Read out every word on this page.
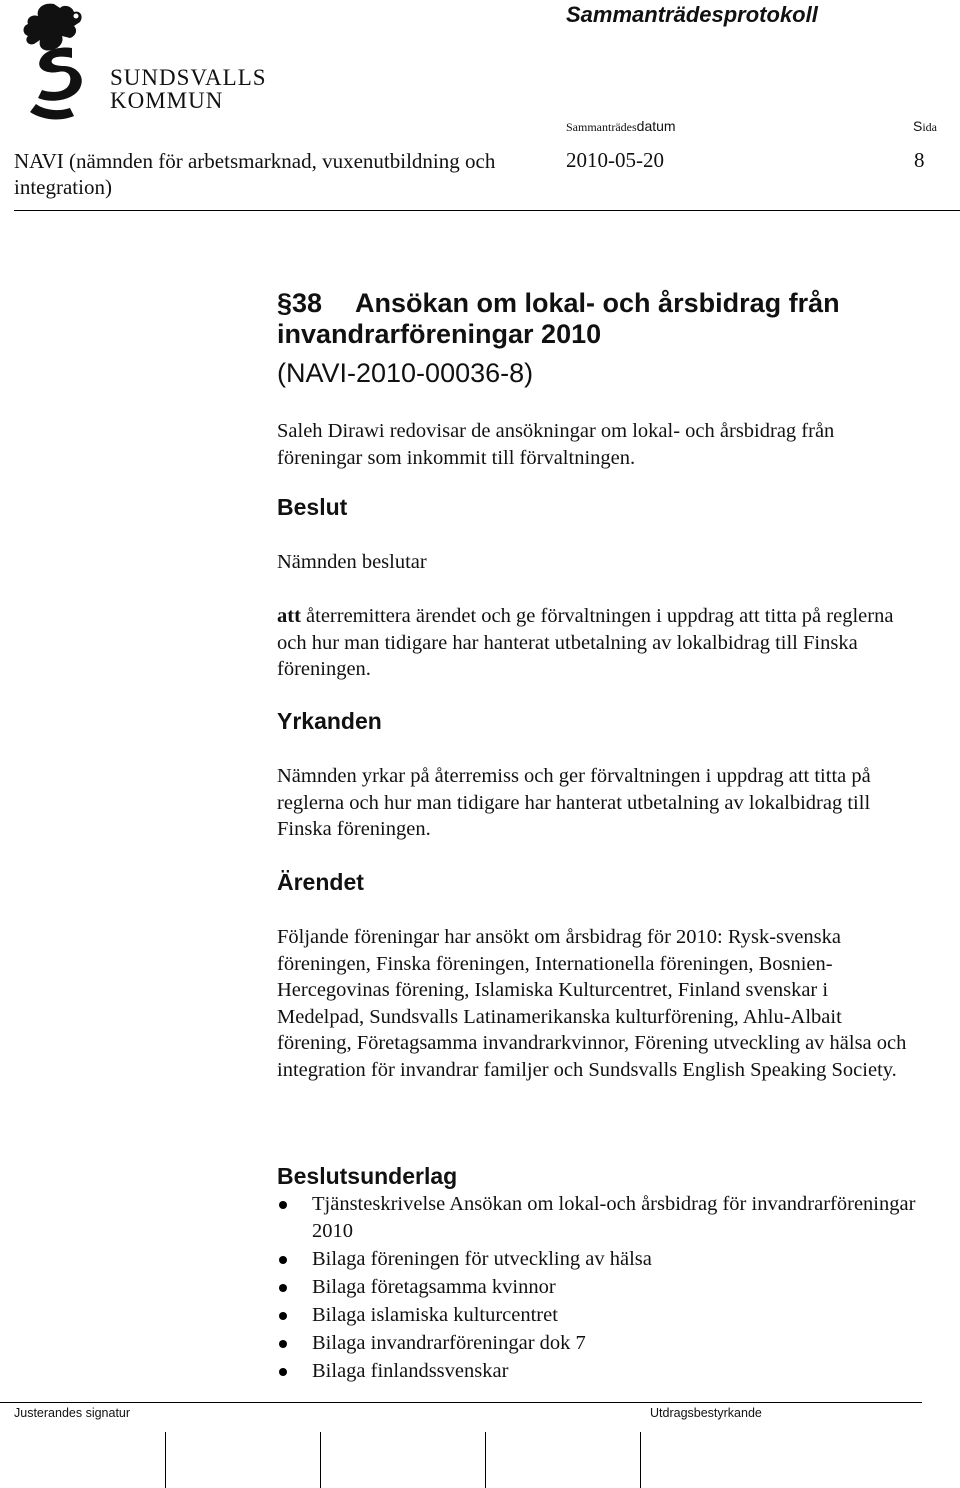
SUNDSVALLS
KOMMUN
Sammanträdesprotokoll
Sammanträdesdatum	Sida
NAVI (nämnden för arbetsmarknad, vuxenutbildning och integration)
2010-05-20	8
§38 Ansökan om lokal- och årsbidrag från
invandrarföreningar 2010
(NAVI-2010-00036-8)
Saleh Dirawi redovisar de ansökningar om lokal- och årsbidrag från föreningar som inkommit till förvaltningen.
Beslut
Nämnden beslutar
att återremittera ärendet och ge förvaltningen i uppdrag att titta på reglerna och hur man tidigare har hanterat utbetalning av lokalbidrag till Finska föreningen.
Yrkanden
Nämnden yrkar på återremiss och ger förvaltningen i uppdrag att titta på reglerna och hur man tidigare har hanterat utbetalning av lokalbidrag till Finska föreningen.
Ärendet
Följande föreningar har ansökt om årsbidrag för 2010: Rysk-svenska föreningen, Finska föreningen, Internationella föreningen, Bosnien-Hercegovinas förening, Islamiska Kulturcentret, Finland svenskar i Medelpad, Sundsvalls Latinamerikanska kulturförening, Ahlu-Albait förening, Företagsamma invandrarkvinnor, Förening utveckling av hälsa och integration för invandrar familjer och Sundsvalls English Speaking Society.
Beslutsunderlag
Tjänsteskrivelse Ansökan om lokal-och årsbidrag för invandrarföreningar 2010
Bilaga föreningen för utveckling av hälsa
Bilaga företagsamma kvinnor
Bilaga islamiska kulturcentret
Bilaga invandrarföreningar dok 7
Bilaga finlandssvenskar
Justerandes signatur	Utdragsbestyrkande
